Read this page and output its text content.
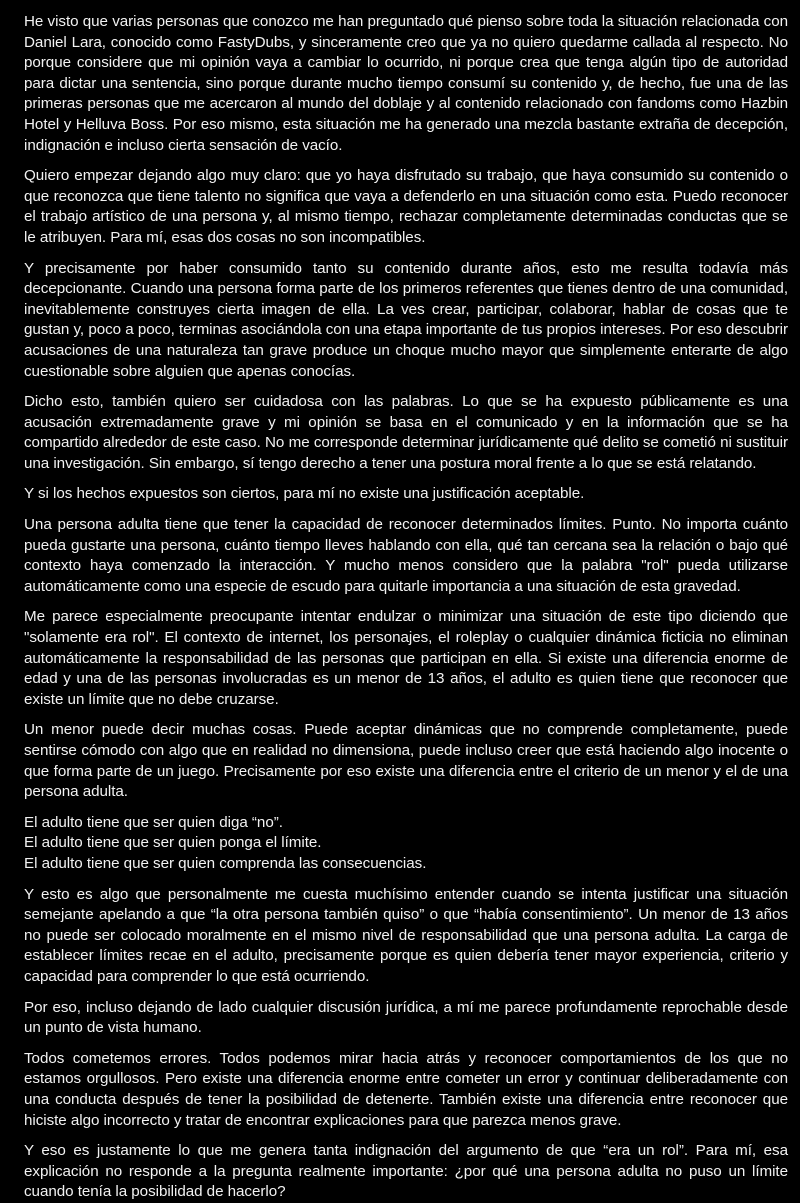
He visto que varias personas que conozco me han preguntado qué pienso sobre toda la situación relacionada con Daniel Lara, conocido como FastyDubs, y sinceramente creo que ya no quiero quedarme callada al respecto. No porque considere que mi opinión vaya a cambiar lo ocurrido, ni porque crea que tenga algún tipo de autoridad para dictar una sentencia, sino porque durante mucho tiempo consumí su contenido y, de hecho, fue una de las primeras personas que me acercaron al mundo del doblaje y al contenido relacionado con fandoms como Hazbin Hotel y Helluva Boss. Por eso mismo, esta situación me ha generado una mezcla bastante extraña de decepción, indignación e incluso cierta sensación de vacío.

Quiero empezar dejando algo muy claro: que yo haya disfrutado su trabajo, que haya consumido su contenido o que reconozca que tiene talento no significa que vaya a defenderlo en una situación como esta. Puedo reconocer el trabajo artístico de una persona y, al mismo tiempo, rechazar completamente determinadas conductas que se le atribuyen. Para mí, esas dos cosas no son incompatibles.

Y precisamente por haber consumido tanto su contenido durante años, esto me resulta todavía más decepcionante. Cuando una persona forma parte de los primeros referentes que tienes dentro de una comunidad, inevitablemente construyes cierta imagen de ella. La ves crear, participar, colaborar, hablar de cosas que te gustan y, poco a poco, terminas asociándola con una etapa importante de tus propios intereses. Por eso descubrir acusaciones de una naturaleza tan grave produce un choque mucho mayor que simplemente enterarte de algo cuestionable sobre alguien que apenas conocías.

Dicho esto, también quiero ser cuidadosa con las palabras. Lo que se ha expuesto públicamente es una acusación extremadamente grave y mi opinión se basa en el comunicado y en la información que se ha compartido alrededor de este caso. No me corresponde determinar jurídicamente qué delito se cometió ni sustituir una investigación. Sin embargo, sí tengo derecho a tener una postura moral frente a lo que se está relatando.

Y si los hechos expuestos son ciertos, para mí no existe una justificación aceptable.

Una persona adulta tiene que tener la capacidad de reconocer determinados límites. Punto. No importa cuánto pueda gustarte una persona, cuánto tiempo lleves hablando con ella, qué tan cercana sea la relación o bajo qué contexto haya comenzado la interacción. Y mucho menos considero que la palabra "rol" pueda utilizarse automáticamente como una especie de escudo para quitarle importancia a una situación de esta gravedad.

Me parece especialmente preocupante intentar endulzar o minimizar una situación de este tipo diciendo que "solamente era rol". El contexto de internet, los personajes, el roleplay o cualquier dinámica ficticia no eliminan automáticamente la responsabilidad de las personas que participan en ella. Si existe una diferencia enorme de edad y una de las personas involucradas es un menor de 13 años, el adulto es quien tiene que reconocer que existe un límite que no debe cruzarse.

Un menor puede decir muchas cosas. Puede aceptar dinámicas que no comprende completamente, puede sentirse cómodo con algo que en realidad no dimensiona, puede incluso creer que está haciendo algo inocente o que forma parte de un juego. Precisamente por eso existe una diferencia entre el criterio de un menor y el de una persona adulta.

El adulto tiene que ser quien diga “no”.
El adulto tiene que ser quien ponga el límite.
El adulto tiene que ser quien comprenda las consecuencias.

Y esto es algo que personalmente me cuesta muchísimo entender cuando se intenta justificar una situación semejante apelando a que “la otra persona también quiso” o que “había consentimiento”. Un menor de 13 años no puede ser colocado moralmente en el mismo nivel de responsabilidad que una persona adulta. La carga de establecer límites recae en el adulto, precisamente porque es quien debería tener mayor experiencia, criterio y capacidad para comprender lo que está ocurriendo.

Por eso, incluso dejando de lado cualquier discusión jurídica, a mí me parece profundamente reprochable desde un punto de vista humano.

Todos cometemos errores. Todos podemos mirar hacia atrás y reconocer comportamientos de los que no estamos orgullosos. Pero existe una diferencia enorme entre cometer un error y continuar deliberadamente con una conducta después de tener la posibilidad de detenerte. También existe una diferencia entre reconocer que hiciste algo incorrecto y tratar de encontrar explicaciones para que parezca menos grave.

Y eso es justamente lo que me genera tanta indignación del argumento de que “era un rol”. Para mí, esa explicación no responde a la pregunta realmente importante: ¿por qué una persona adulta no puso un límite cuando tenía la posibilidad de hacerlo?
